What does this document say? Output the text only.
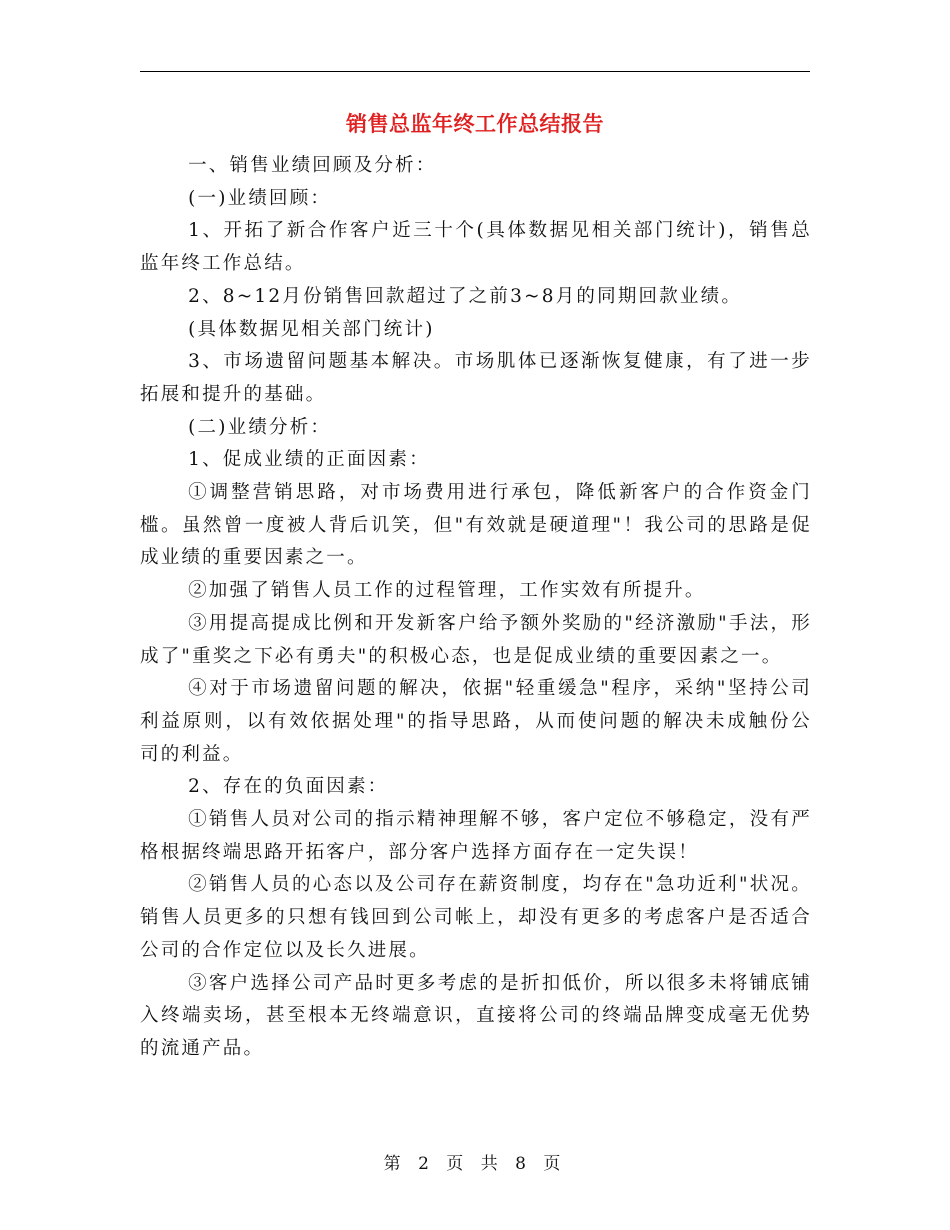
销售总监年终工作总结报告

一、销售业绩回顾及分析：

(一)业绩回顾：

1、开拓了新合作客户近三十个(具体数据见相关部门统计)，销售总监年终工作总结。

2、8~12月份销售回款超过了之前3~8月的同期回款业绩。

(具体数据见相关部门统计)

3、市场遗留问题基本解决。市场肌体已逐渐恢复健康，有了进一步拓展和提升的基础。

(二)业绩分析：

1、促成业绩的正面因素：

①调整营销思路，对市场费用进行承包，降低新客户的合作资金门槛。虽然曾一度被人背后讥笑，但"有效就是硬道理"！我公司的思路是促成业绩的重要因素之一。

②加强了销售人员工作的过程管理，工作实效有所提升。

③用提高提成比例和开发新客户给予额外奖励的"经济激励"手法，形成了"重奖之下必有勇夫"的积极心态，也是促成业绩的重要因素之一。

④对于市场遗留问题的解决，依据"轻重缓急"程序，采纳"坚持公司利益原则，以有效依据处理"的指导思路，从而使问题的解决未成触份公司的利益。

2、存在的负面因素：

①销售人员对公司的指示精神理解不够，客户定位不够稳定，没有严格根据终端思路开拓客户，部分客户选择方面存在一定失误！

②销售人员的心态以及公司存在薪资制度，均存在"急功近利"状况。销售人员更多的只想有钱回到公司帐上，却没有更多的考虑客户是否适合公司的合作定位以及长久进展。

③客户选择公司产品时更多考虑的是折扣低价，所以很多未将铺底铺入终端卖场，甚至根本无终端意识，直接将公司的终端品牌变成毫无优势的流通产品。

第 2 页 共 8 页
